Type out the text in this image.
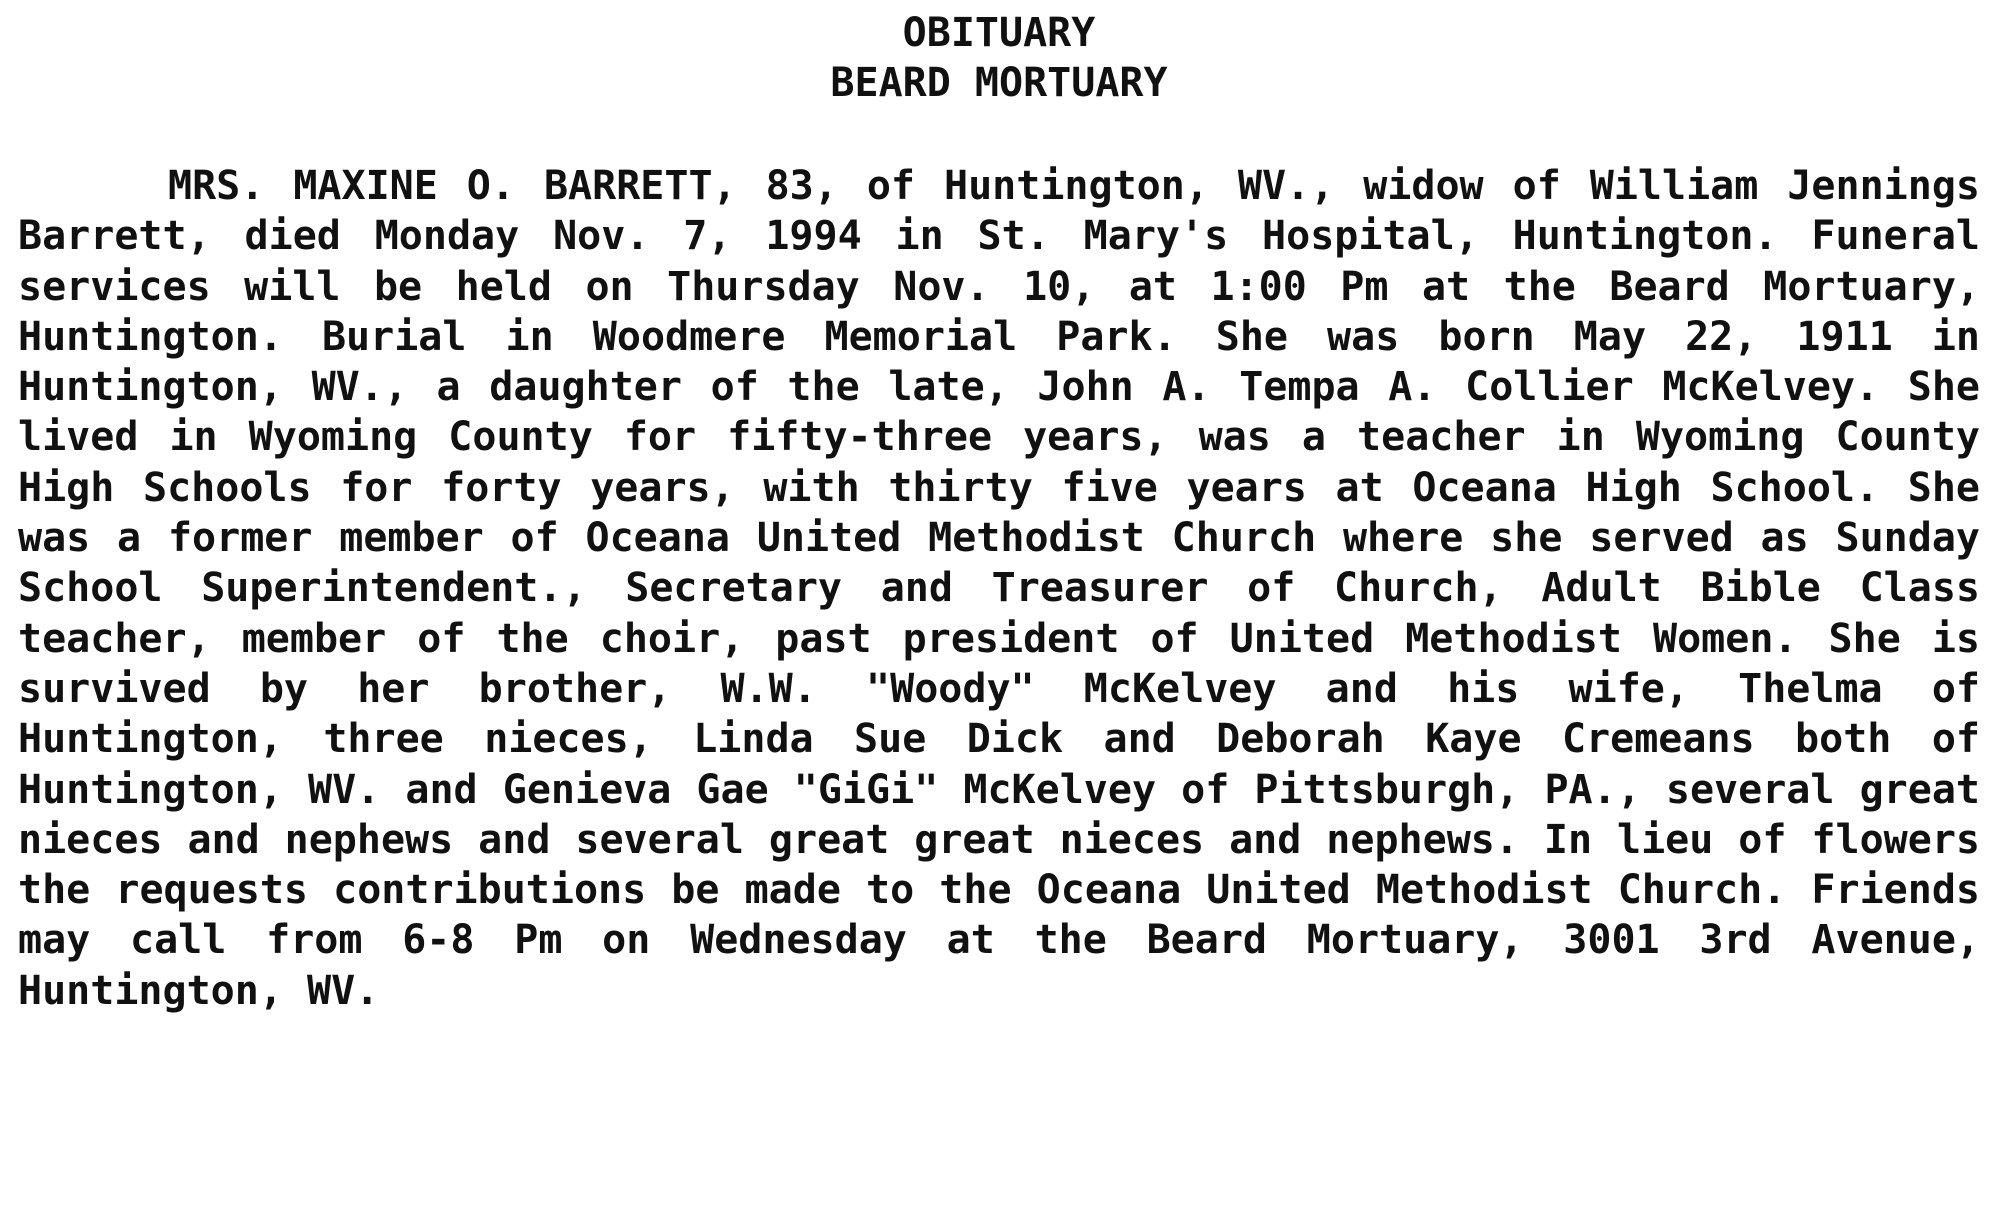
OBITUARY
BEARD MORTUARY
MRS. MAXINE O. BARRETT, 83, of Huntington, WV., widow of William Jennings Barrett, died Monday Nov. 7, 1994 in St. Mary's Hospital, Huntington. Funeral services will be held on Thursday Nov. 10, at 1:00 Pm at the Beard Mortuary, Huntington. Burial in Woodmere Memorial Park. She was born May 22, 1911 in Huntington, WV., a daughter of the late, John A. Tempa A. Collier McKelvey. She lived in Wyoming County for fifty-three years, was a teacher in Wyoming County High Schools for forty years, with thirty five years at Oceana High School. She was a former member of Oceana United Methodist Church where she served as Sunday School Superintendent., Secretary and Treasurer of Church, Adult Bible Class teacher, member of the choir, past president of United Methodist Women. She is survived by her brother, W.W. "Woody" McKelvey and his wife, Thelma of Huntington, three nieces, Linda Sue Dick and Deborah Kaye Cremeans both of Huntington, WV. and Genieva Gae "GiGi" McKelvey of Pittsburgh, PA., several great nieces and nephews and several great great nieces and nephews. In lieu of flowers the requests contributions be made to the Oceana United Methodist Church. Friends may call from 6-8 Pm on Wednesday at the Beard Mortuary, 3001 3rd Avenue, Huntington, WV.
